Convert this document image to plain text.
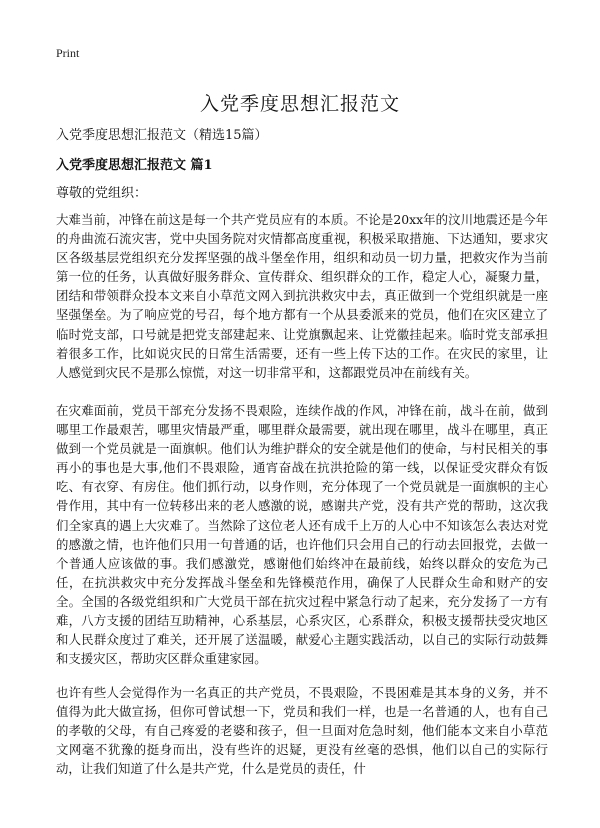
Print
入党季度思想汇报范文
入党季度思想汇报范文（精选15篇）
入党季度思想汇报范文 篇1
尊敬的党组织：

大难当前，冲锋在前这是每一个共产党员应有的本质。不论是20xx年的汶川地震还是今年的舟曲流石流灾害，党中央国务院对灾情都高度重视，积极采取措施、下达通知，要求灾区各级基层党组织充分发挥坚强的战斗堡垒作用，组织和动员一切力量，把救灾作为当前第一位的任务，认真做好服务群众、宣传群众、组织群众的工作，稳定人心，凝聚力量，团结和带领群众投本文来自小草范文网入到抗洪救灾中去，真正做到一个党组织就是一座坚强堡垒。为了响应党的号召，每个地方都有一个从县委派来的党员，他们在灾区建立了临时党支部，口号就是把党支部建起来、让党旗飘起来、让党徽挂起来。临时党支部承担着很多工作，比如说灾民的日常生活需要，还有一些上传下达的工作。在灾民的家里，让人感觉到灾民不是那么惊慌，对这一切非常平和，这都跟党员冲在前线有关。

在灾难面前，党员干部充分发扬不畏艰险，连续作战的作风，冲锋在前，战斗在前，做到哪里工作最艰苦，哪里灾情最严重，哪里群众最需要，就出现在哪里，战斗在哪里，真正做到一个党员就是一面旗帜。他们认为维护群众的安全就是他们的使命，与村民相关的事再小的事也是大事,他们不畏艰险，通宵奋战在抗洪抢险的第一线，以保证受灾群众有饭吃、有衣穿、有房住。他们抓行动，以身作则，充分体现了一个党员就是一面旗帜的主心骨作用，其中有一位转移出来的老人感激的说，感谢共产党，没有共产党的帮助，这次我们全家真的遇上大灾难了。当然除了这位老人还有成千上万的人心中不知该怎么表达对党的感激之情，也许他们只用一句普通的话，也许他们只会用自己的行动去回报党，去做一个普通人应该做的事。我们感激党，感谢他们始终冲在最前线，始终以群众的安危为己任，在抗洪救灾中充分发挥战斗堡垒和先锋模范作用，确保了人民群众生命和财产的安全。全国的各级党组织和广大党员干部在抗灾过程中紧急行动了起来，充分发扬了一方有难，八方支援的团结互助精神，心系基层，心系灾区，心系群众，积极支援帮扶受灾地区和人民群众度过了难关，还开展了送温暖，献爱心主题实践活动，以自己的实际行动鼓舞和支援灾区，帮助灾区群众重建家园。

也许有些人会觉得作为一名真正的共产党员，不畏艰险，不畏困难是其本身的义务，并不值得为此大做宣扬，但你可曾试想一下，党员和我们一样，也是一名普通的人，也有自己的孝敬的父母，有自己疼爱的老婆和孩子，但一旦面对危急时刻，他们能本文来自小草范文网毫不犹豫的挺身而出，没有些许的迟疑，更没有丝毫的恐惧，他们以自己的实际行动，让我们知道了什么是共产党，什么是党员的责任，什
